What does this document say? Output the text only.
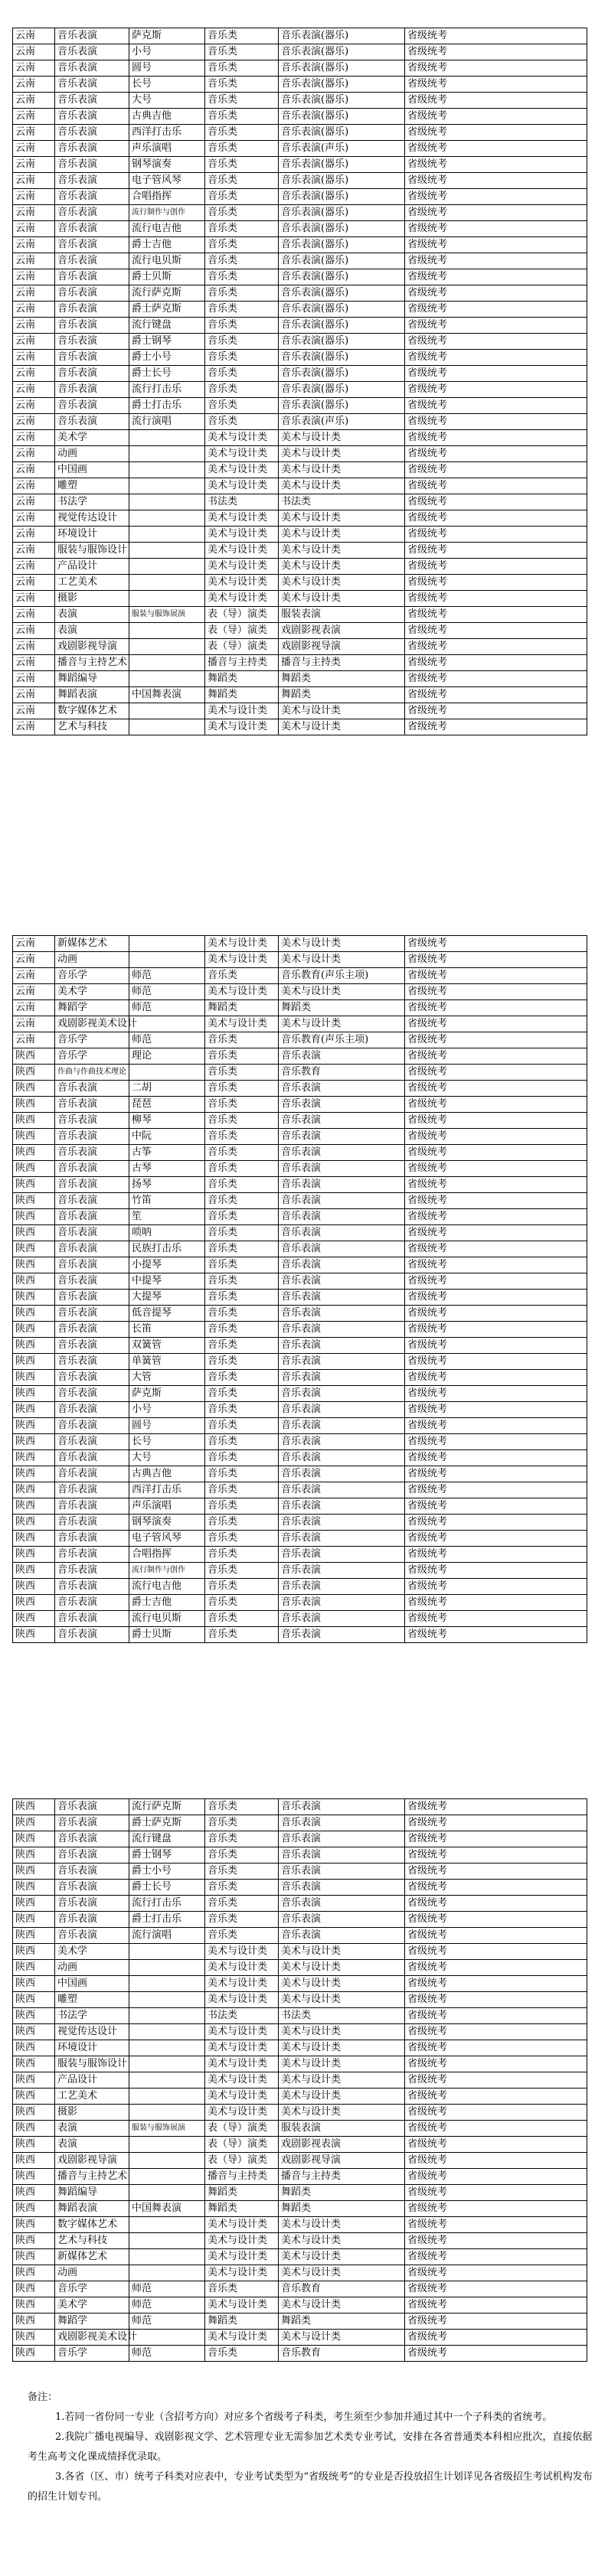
云南	音乐表演	萨克斯	音乐类	音乐表演(器乐)	省级统考
云南	音乐表演	小号	音乐类	音乐表演(器乐)	省级统考
云南	音乐表演	圆号	音乐类	音乐表演(器乐)	省级统考
云南	音乐表演	长号	音乐类	音乐表演(器乐)	省级统考
云南	音乐表演	大号	音乐类	音乐表演(器乐)	省级统考
云南	音乐表演	古典吉他	音乐类	音乐表演(器乐)	省级统考
云南	音乐表演	西洋打击乐	音乐类	音乐表演(器乐)	省级统考
云南	音乐表演	声乐演唱	音乐类	音乐表演(声乐)	省级统考
云南	音乐表演	钢琴演奏	音乐类	音乐表演(器乐)	省级统考
云南	音乐表演	电子管风琴	音乐类	音乐表演(器乐)	省级统考
云南	音乐表演	合唱指挥	音乐类	音乐表演(器乐)	省级统考
云南	音乐表演	流行制作与创作	音乐类	音乐表演(器乐)	省级统考
云南	音乐表演	流行电吉他	音乐类	音乐表演(器乐)	省级统考
云南	音乐表演	爵士吉他	音乐类	音乐表演(器乐)	省级统考
云南	音乐表演	流行电贝斯	音乐类	音乐表演(器乐)	省级统考
云南	音乐表演	爵士贝斯	音乐类	音乐表演(器乐)	省级统考
云南	音乐表演	流行萨克斯	音乐类	音乐表演(器乐)	省级统考
云南	音乐表演	爵士萨克斯	音乐类	音乐表演(器乐)	省级统考
云南	音乐表演	流行键盘	音乐类	音乐表演(器乐)	省级统考
云南	音乐表演	爵士钢琴	音乐类	音乐表演(器乐)	省级统考
云南	音乐表演	爵士小号	音乐类	音乐表演(器乐)	省级统考
云南	音乐表演	爵士长号	音乐类	音乐表演(器乐)	省级统考
云南	音乐表演	流行打击乐	音乐类	音乐表演(器乐)	省级统考
云南	音乐表演	爵士打击乐	音乐类	音乐表演(器乐)	省级统考
云南	音乐表演	流行演唱	音乐类	音乐表演(声乐)	省级统考
云南	美术学		美术与设计类	美术与设计类	省级统考
云南	动画		美术与设计类	美术与设计类	省级统考
云南	中国画		美术与设计类	美术与设计类	省级统考
云南	雕塑		美术与设计类	美术与设计类	省级统考
云南	书法学		书法类	书法类	省级统考
云南	视觉传达设计		美术与设计类	美术与设计类	省级统考
云南	环境设计		美术与设计类	美术与设计类	省级统考
云南	服装与服饰设计		美术与设计类	美术与设计类	省级统考
云南	产品设计		美术与设计类	美术与设计类	省级统考
云南	工艺美术		美术与设计类	美术与设计类	省级统考
云南	摄影		美术与设计类	美术与设计类	省级统考
云南	表演	服装与服饰展演	表（导）演类	服装表演	省级统考
云南	表演		表（导）演类	戏剧影视表演	省级统考
云南	戏剧影视导演		表（导）演类	戏剧影视导演	省级统考
云南	播音与主持艺术		播音与主持类	播音与主持类	省级统考
云南	舞蹈编导		舞蹈类	舞蹈类	省级统考
云南	舞蹈表演	中国舞表演	舞蹈类	舞蹈类	省级统考
云南	数字媒体艺术		美术与设计类	美术与设计类	省级统考
云南	艺术与科技		美术与设计类	美术与设计类	省级统考
云南	新媒体艺术		美术与设计类	美术与设计类	省级统考
云南	动画		美术与设计类	美术与设计类	省级统考
云南	音乐学	师范	音乐类	音乐教育(声乐主项)	省级统考
云南	美术学	师范	美术与设计类	美术与设计类	省级统考
云南	舞蹈学	师范	舞蹈类	舞蹈类	省级统考
云南	戏剧影视美术设计		美术与设计类	美术与设计类	省级统考
云南	音乐学	师范	音乐类	音乐教育(声乐主项)	省级统考
陕西	音乐学	理论	音乐类	音乐表演	省级统考
陕西	作曲与作曲技术理论		音乐类	音乐教育	省级统考
陕西	音乐表演	二胡	音乐类	音乐表演	省级统考
陕西	音乐表演	琵琶	音乐类	音乐表演	省级统考
陕西	音乐表演	柳琴	音乐类	音乐表演	省级统考
陕西	音乐表演	中阮	音乐类	音乐表演	省级统考
陕西	音乐表演	古筝	音乐类	音乐表演	省级统考
陕西	音乐表演	古琴	音乐类	音乐表演	省级统考
陕西	音乐表演	扬琴	音乐类	音乐表演	省级统考
陕西	音乐表演	竹笛	音乐类	音乐表演	省级统考
陕西	音乐表演	笙	音乐类	音乐表演	省级统考
陕西	音乐表演	唢呐	音乐类	音乐表演	省级统考
陕西	音乐表演	民族打击乐	音乐类	音乐表演	省级统考
陕西	音乐表演	小提琴	音乐类	音乐表演	省级统考
陕西	音乐表演	中提琴	音乐类	音乐表演	省级统考
陕西	音乐表演	大提琴	音乐类	音乐表演	省级统考
陕西	音乐表演	低音提琴	音乐类	音乐表演	省级统考
陕西	音乐表演	长笛	音乐类	音乐表演	省级统考
陕西	音乐表演	双簧管	音乐类	音乐表演	省级统考
陕西	音乐表演	单簧管	音乐类	音乐表演	省级统考
陕西	音乐表演	大管	音乐类	音乐表演	省级统考
陕西	音乐表演	萨克斯	音乐类	音乐表演	省级统考
陕西	音乐表演	小号	音乐类	音乐表演	省级统考
陕西	音乐表演	圆号	音乐类	音乐表演	省级统考
陕西	音乐表演	长号	音乐类	音乐表演	省级统考
陕西	音乐表演	大号	音乐类	音乐表演	省级统考
陕西	音乐表演	古典吉他	音乐类	音乐表演	省级统考
陕西	音乐表演	西洋打击乐	音乐类	音乐表演	省级统考
陕西	音乐表演	声乐演唱	音乐类	音乐表演	省级统考
陕西	音乐表演	钢琴演奏	音乐类	音乐表演	省级统考
陕西	音乐表演	电子管风琴	音乐类	音乐表演	省级统考
陕西	音乐表演	合唱指挥	音乐类	音乐表演	省级统考
陕西	音乐表演	流行制作与创作	音乐类	音乐表演	省级统考
陕西	音乐表演	流行电吉他	音乐类	音乐表演	省级统考
陕西	音乐表演	爵士吉他	音乐类	音乐表演	省级统考
陕西	音乐表演	流行电贝斯	音乐类	音乐表演	省级统考
陕西	音乐表演	爵士贝斯	音乐类	音乐表演	省级统考
陕西	音乐表演	流行萨克斯	音乐类	音乐表演	省级统考
陕西	音乐表演	爵士萨克斯	音乐类	音乐表演	省级统考
陕西	音乐表演	流行键盘	音乐类	音乐表演	省级统考
陕西	音乐表演	爵士钢琴	音乐类	音乐表演	省级统考
陕西	音乐表演	爵士小号	音乐类	音乐表演	省级统考
陕西	音乐表演	爵士长号	音乐类	音乐表演	省级统考
陕西	音乐表演	流行打击乐	音乐类	音乐表演	省级统考
陕西	音乐表演	爵士打击乐	音乐类	音乐表演	省级统考
陕西	音乐表演	流行演唱	音乐类	音乐表演	省级统考
陕西	美术学		美术与设计类	美术与设计类	省级统考
陕西	动画		美术与设计类	美术与设计类	省级统考
陕西	中国画		美术与设计类	美术与设计类	省级统考
陕西	雕塑		美术与设计类	美术与设计类	省级统考
陕西	书法学		书法类	书法类	省级统考
陕西	视觉传达设计		美术与设计类	美术与设计类	省级统考
陕西	环境设计		美术与设计类	美术与设计类	省级统考
陕西	服装与服饰设计		美术与设计类	美术与设计类	省级统考
陕西	产品设计		美术与设计类	美术与设计类	省级统考
陕西	工艺美术		美术与设计类	美术与设计类	省级统考
陕西	摄影		美术与设计类	美术与设计类	省级统考
陕西	表演	服装与服饰展演	表（导）演类	服装表演	省级统考
陕西	表演		表（导）演类	戏剧影视表演	省级统考
陕西	戏剧影视导演		表（导）演类	戏剧影视导演	省级统考
陕西	播音与主持艺术		播音与主持类	播音与主持类	省级统考
陕西	舞蹈编导		舞蹈类	舞蹈类	省级统考
陕西	舞蹈表演	中国舞表演	舞蹈类	舞蹈类	省级统考
陕西	数字媒体艺术		美术与设计类	美术与设计类	省级统考
陕西	艺术与科技		美术与设计类	美术与设计类	省级统考
陕西	新媒体艺术		美术与设计类	美术与设计类	省级统考
陕西	动画		美术与设计类	美术与设计类	省级统考
陕西	音乐学	师范	音乐类	音乐教育	省级统考
陕西	美术学	师范	美术与设计类	美术与设计类	省级统考
陕西	舞蹈学	师范	舞蹈类	舞蹈类	省级统考
陕西	戏剧影视美术设计		美术与设计类	美术与设计类	省级统考
陕西	音乐学	师范	音乐类	音乐教育	省级统考

备注：

1.若同一省份同一专业（含招考方向）对应多个省级考子科类，考生须至少参加并通过其中一个子科类的省统考。

2.我院广播电视编导、戏剧影视文学、艺术管理专业无需参加艺术类专业考试，安排在各省普通类本科相应批次，直接依据考生高考文化课成绩择优录取。

3.各省（区、市）统考子科类对应表中，专业考试类型为“省级统考”的专业是否投放招生计划详见各省级招生考试机构发布的招生计划专刊。
